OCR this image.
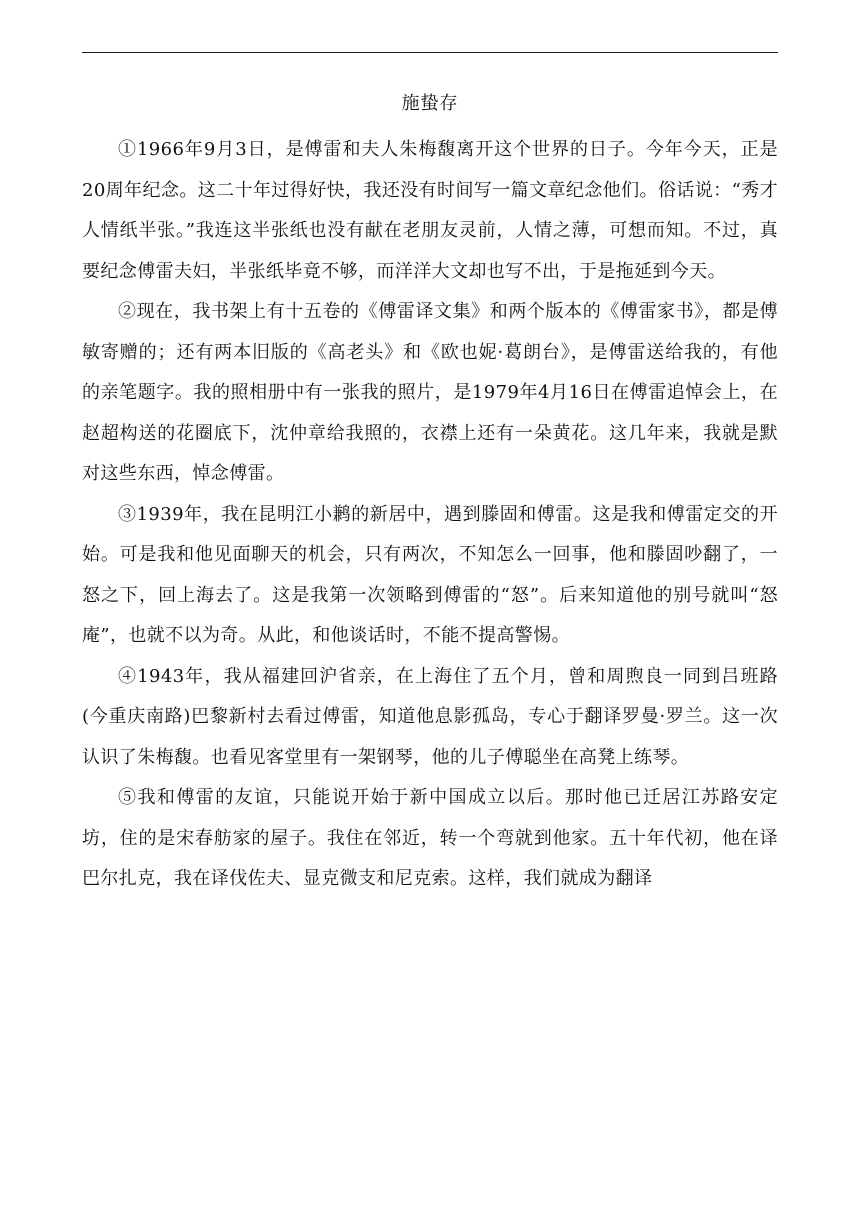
施蛰存

①1966年9月3日，是傅雷和夫人朱梅馥离开这个世界的日子。今年今天，正是20周年纪念。这二十年过得好快，我还没有时间写一篇文章纪念他们。俗话说：“秀才人情纸半张。”我连这半张纸也没有献在老朋友灵前，人情之薄，可想而知。不过，真要纪念傅雷夫妇，半张纸毕竟不够，而洋洋大文却也写不出，于是拖延到今天。

②现在，我书架上有十五卷的《傅雷译文集》和两个版本的《傅雷家书》，都是傅敏寄赠的；还有两本旧版的《高老头》和《欧也妮·葛朗台》，是傅雷送给我的，有他的亲笔题字。我的照相册中有一张我的照片，是1979年4月16日在傅雷追悼会上，在赵超构送的花圈底下，沈仲章给我照的，衣襟上还有一朵黄花。这几年来，我就是默对这些东西，悼念傅雷。

③1939年，我在昆明江小鹣的新居中，遇到滕固和傅雷。这是我和傅雷定交的开始。可是我和他见面聊天的机会，只有两次，不知怎么一回事，他和滕固吵翻了，一怒之下，回上海去了。这是我第一次领略到傅雷的“怒”。后来知道他的别号就叫“怒庵”，也就不以为奇。从此，和他谈话时，不能不提高警惕。

④1943年，我从福建回沪省亲，在上海住了五个月，曾和周煦良一同到吕班路(今重庆南路)巴黎新村去看过傅雷，知道他息影孤岛，专心于翻译罗曼·罗兰。这一次认识了朱梅馥。也看见客堂里有一架钢琴，他的儿子傅聪坐在高凳上练琴。

⑤我和傅雷的友谊，只能说开始于新中国成立以后。那时他已迁居江苏路安定坊，住的是宋春舫家的屋子。我住在邻近，转一个弯就到他家。五十年代初，他在译巴尔扎克，我在译伐佐夫、显克微支和尼克索。这样，我们就成为翻译
